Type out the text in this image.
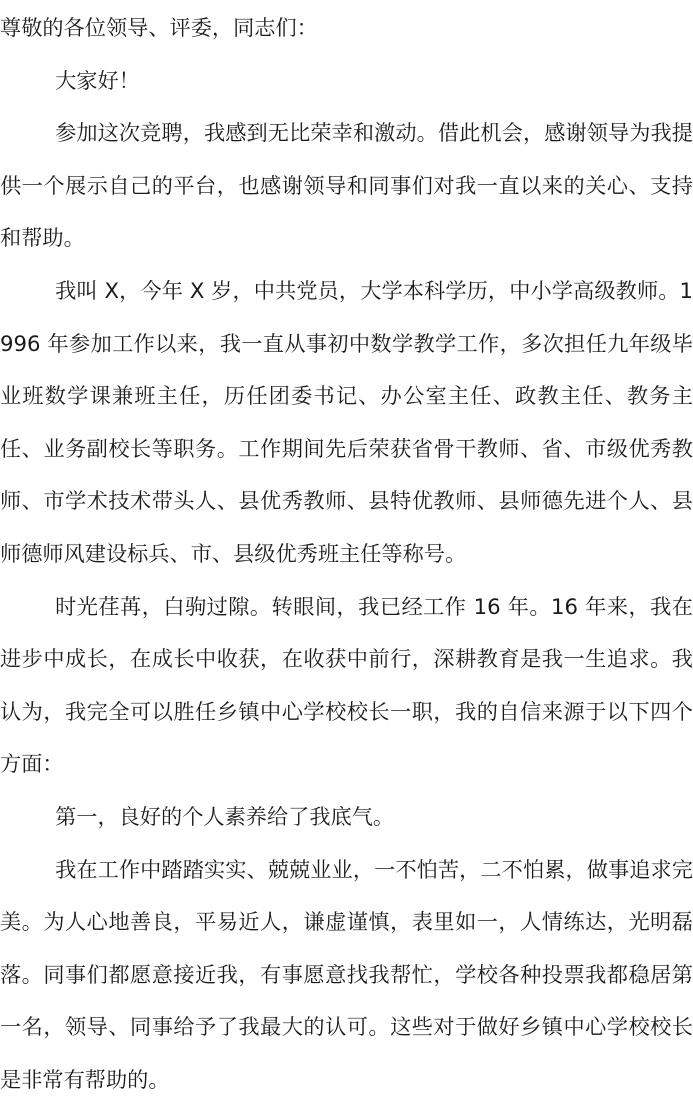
尊敬的各位领导、评委，同志们：

大家好！

参加这次竞聘，我感到无比荣幸和激动。借此机会，感谢领导为我提供一个展示自己的平台，也感谢领导和同事们对我一直以来的关心、支持和帮助。

我叫 X，今年 X 岁，中共党员，大学本科学历，中小学高级教师。1996 年参加工作以来，我一直从事初中数学教学工作，多次担任九年级毕业班数学课兼班主任，历任团委书记、办公室主任、政教主任、教务主任、业务副校长等职务。工作期间先后荣获省骨干教师、省、市级优秀教师、市学术技术带头人、县优秀教师、县特优教师、县师德先进个人、县师德师风建设标兵、市、县级优秀班主任等称号。

时光荏苒，白驹过隙。转眼间，我已经工作 16 年。16 年来，我在进步中成长，在成长中收获，在收获中前行，深耕教育是我一生追求。我认为，我完全可以胜任乡镇中心学校校长一职，我的自信来源于以下四个方面：

第一，良好的个人素养给了我底气。

我在工作中踏踏实实、兢兢业业，一不怕苦，二不怕累，做事追求完美。为人心地善良，平易近人，谦虚谨慎，表里如一，人情练达，光明磊落。同事们都愿意接近我，有事愿意找我帮忙，学校各种投票我都稳居第一名，领导、同事给予了我最大的认可。这些对于做好乡镇中心学校校长是非常有帮助的。
